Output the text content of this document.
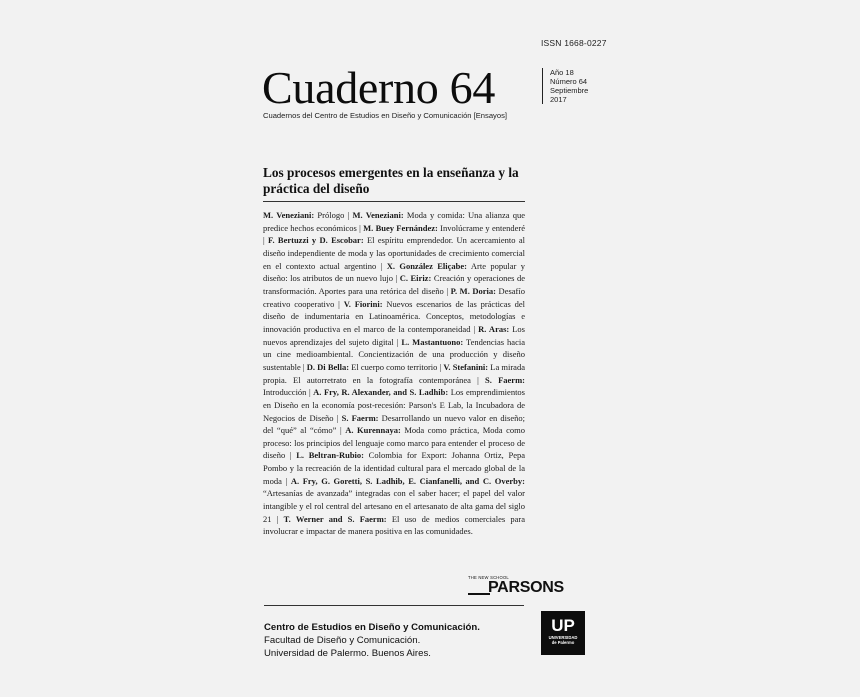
ISSN 1668-0227
Cuaderno 64	Año 18
Número 64
Septiembre
2017
Cuadernos del Centro de Estudios en Diseño y Comunicación [Ensayos]
Los procesos emergentes en la enseñanza y la práctica del diseño
M. Veneziani: Prólogo | M. Veneziani: Moda y comida: Una alianza que predice hechos económicos | M. Buey Fernández: Involúcrame y entenderé | F. Bertuzzi y D. Escobar: El espíritu emprendedor. Un acercamiento al diseño independiente de moda y las oportunidades de crecimiento comercial en el contexto actual argentino | X. González Eliçabe: Arte popular y diseño: los atributos de un nuevo lujo | C. Eiriz: Creación y operaciones de transformación. Aportes para una retórica del diseño | P. M. Doria: Desafío creativo cooperativo | V. Fiorini: Nuevos escenarios de las prácticas del diseño de indumentaria en Latinoamérica. Conceptos, metodologías e innovación productiva en el marco de la contemporaneidad | R. Aras: Los nuevos aprendizajes del sujeto digital | L. Mastantuono: Tendencias hacia un cine medioambiental. Concientización de una producción y diseño sustentable | D. Di Bella: El cuerpo como territorio | V. Stefanini: La mirada propia. El autorretrato en la fotografía contemporánea | S. Faerm: Introducción | A. Fry, R. Alexander, and S. Ladhib: Los emprendimientos en Diseño en la economía post-recesión: Parson's E Lab, la Incubadora de Negocios de Diseño | S. Faerm: Desarrollando un nuevo valor en diseño; del “qué” al “cómo” | A. Kurennaya: Moda como práctica, Moda como proceso: los principios del lenguaje como marco para entender el proceso de diseño | L. Beltran-Rubio: Colombia for Export: Johanna Ortiz, Pepa Pombo y la recreación de la identidad cultural para el mercado global de la moda | A. Fry, G. Goretti, S. Ladhib, E. Cianfanelli, and C. Overby: “Artesanías de avanzada” integradas con el saber hacer; el papel del valor intangible y el rol central del artesano en el artesanato de alta gama del siglo 21 | T. Werner and S. Faerm: El uso de medios comerciales para involucrar e impactar de manera positiva en las comunidades.
THE NEW SCHOOL
PARSONS
Centro de Estudios en Diseño y Comunicación.
Facultad de Diseño y Comunicación.
Universidad de Palermo. Buenos Aires.
UP
UNIVERSIDAD
de Palermo
